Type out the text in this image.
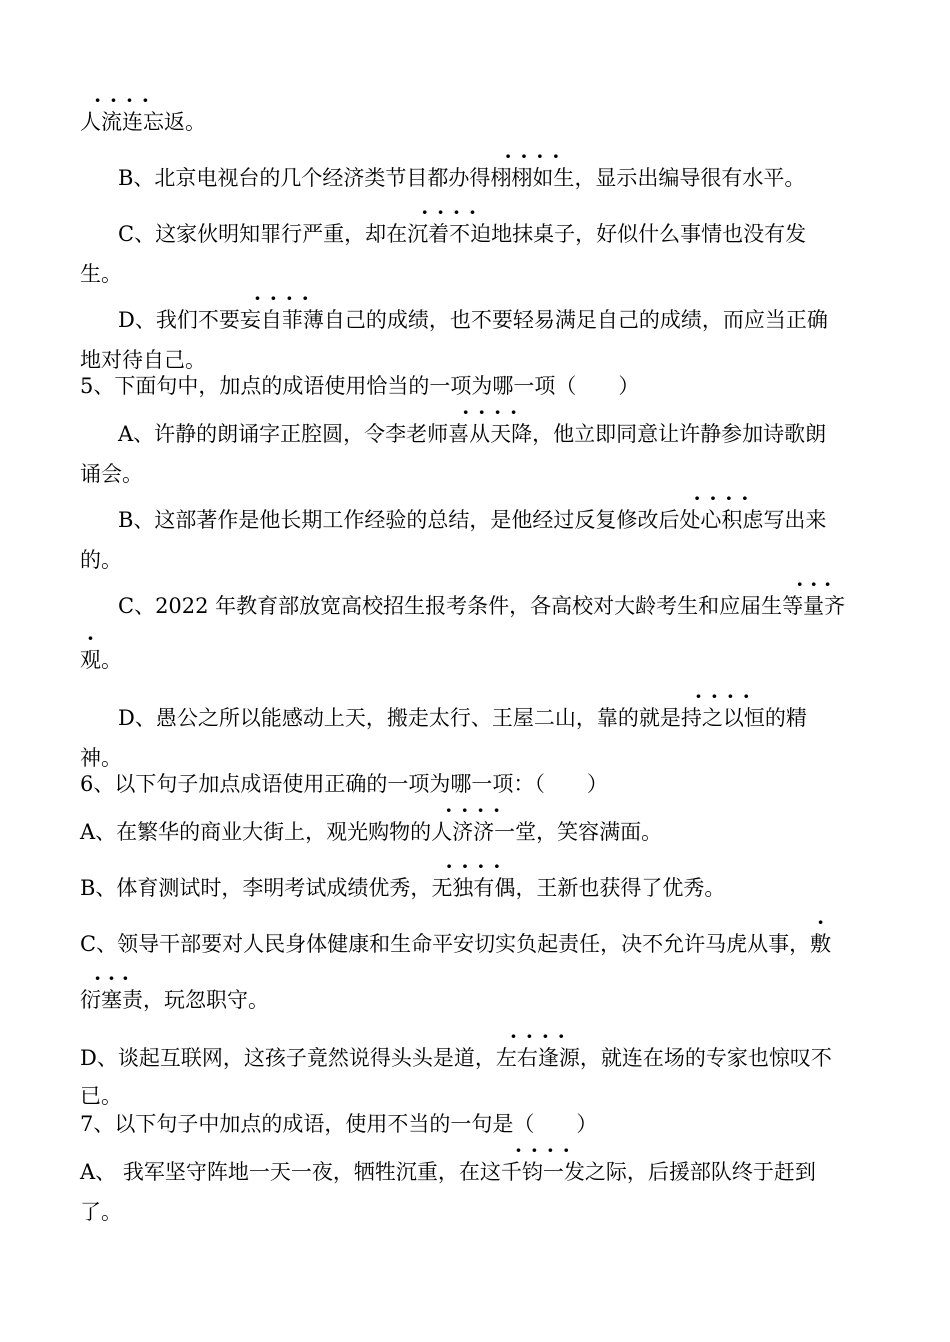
· · 人流连忘返。
B、北京电视台的几个经济类节目都办得· · 栩栩如生，显示出编导很有水平。
C、这家伙明知罪行严重，却在· · 沉着不迫地抹桌子，好似什么事情也没有发
生。
D、我们不要· · 妄自菲薄自己的成绩，也不要轻易满足自己的成绩，而应当正确
地对待自己。
5、下面句中，加点的成语使用恰当的一项为哪一项（　　）
A、许静的朗诵字正腔圆，令李老师· · 喜从天降，他立即同意让许静参加诗歌朗
诵会。
B、这部著作是他长期工作经验的总结，是他经过反复修改后· · 处心积虑写出来
的。
C、2022 年教育部放宽高校招生报考条件，各高校对大龄考生和应届生· · · 等量齐
观。
D、愚公之所以能感动上天，搬走太行、王屋二山，靠的就是· · 持之以恒的精
神。
6、以下句子加点成语使用正确的一项为哪一项：（　　）
A、在繁华的商业大街上，观光购物的· · 人济济一堂，笑容满面。
B、体育测试时，李明考试成绩优秀，· · 无独有偶，王新也获得了优秀。
C、领导干部要对人民身体健康和生命平安切实负起责任，决不允许马虎从事，敷
· · · 衍塞责，玩忽职守。
D、谈起互联网，这孩子竟然说得头头是道，· · 左右逢源，就连在场的专家也惊叹不
已。
7、以下句子中加点的成语，使用不当的一句是（　　）
A、 我军坚守阵地一天一夜，牺牲沉重，在这· · 千钧一发之际，后援部队终于赶到
了。
